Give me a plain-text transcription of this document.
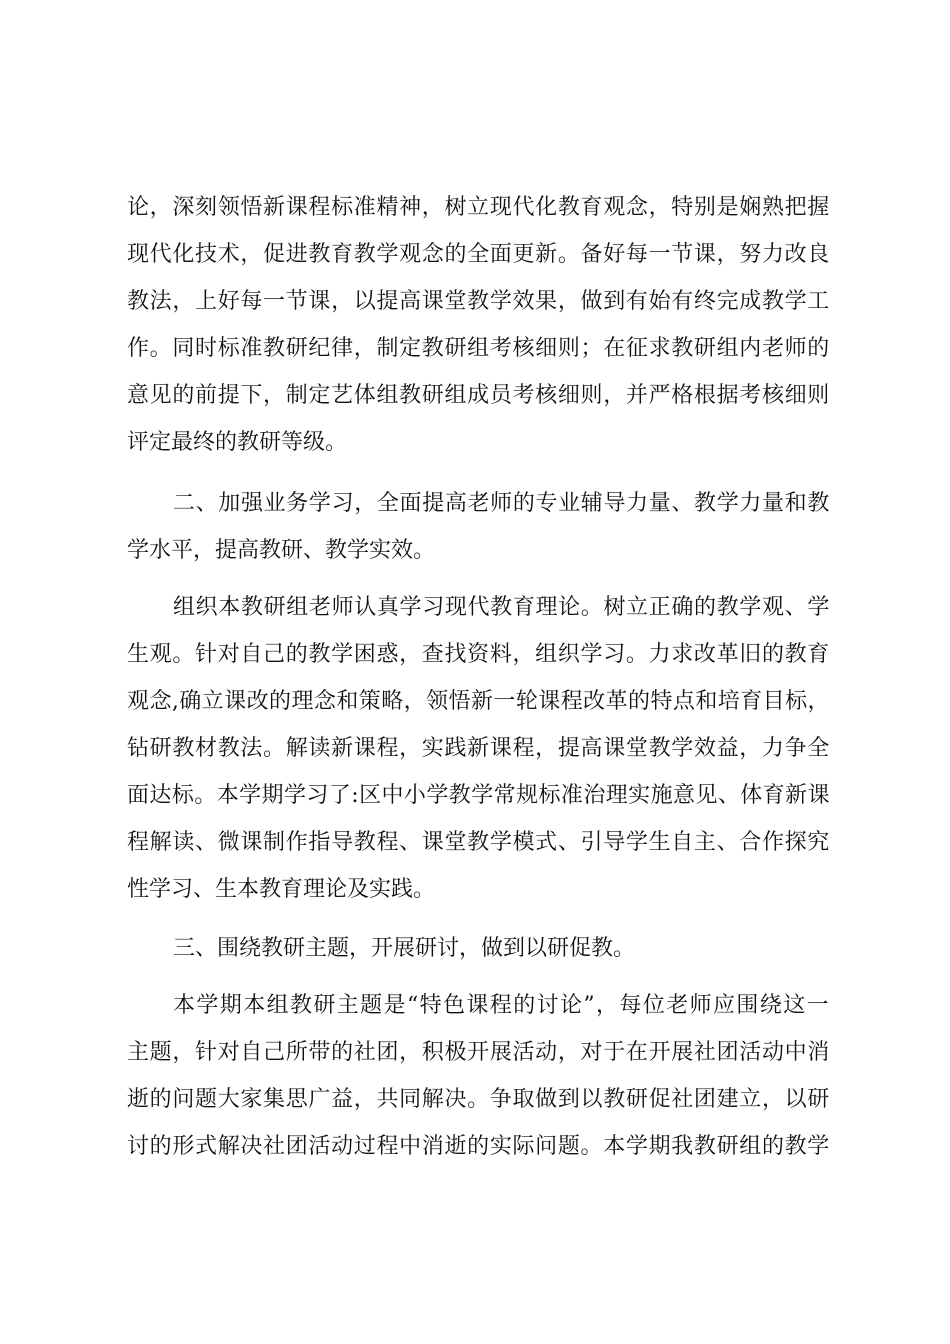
论，深刻领悟新课程标准精神，树立现代化教育观念，特别是娴熟把握
现代化技术，促进教育教学观念的全面更新。备好每一节课，努力改良
教法，上好每一节课，以提高课堂教学效果，做到有始有终完成教学工
作。同时标准教研纪律，制定教研组考核细则；在征求教研组内老师的
意见的前提下，制定艺体组教研组成员考核细则，并严格根据考核细则
评定最终的教研等级。
二、加强业务学习，全面提高老师的专业辅导力量、教学力量和教
学水平，提高教研、教学实效。
组织本教研组老师认真学习现代教育理论。树立正确的教学观、学
生观。针对自己的教学困惑，查找资料，组织学习。力求改革旧的教育
观念,确立课改的理念和策略，领悟新一轮课程改革的特点和培育目标，
钻研教材教法。解读新课程，实践新课程，提高课堂教学效益，力争全
面达标。本学期学习了:区中小学教学常规标准治理实施意见、体育新课
程解读、微课制作指导教程、课堂教学模式、引导学生自主、合作探究
性学习、生本教育理论及实践。
三、围绕教研主题，开展研讨，做到以研促教。
本学期本组教研主题是“特色课程的讨论”，每位老师应围绕这一
主题，针对自己所带的社团，积极开展活动，对于在开展社团活动中消
逝的问题大家集思广益，共同解决。争取做到以教研促社团建立，以研
讨的形式解决社团活动过程中消逝的实际问题。本学期我教研组的教学
